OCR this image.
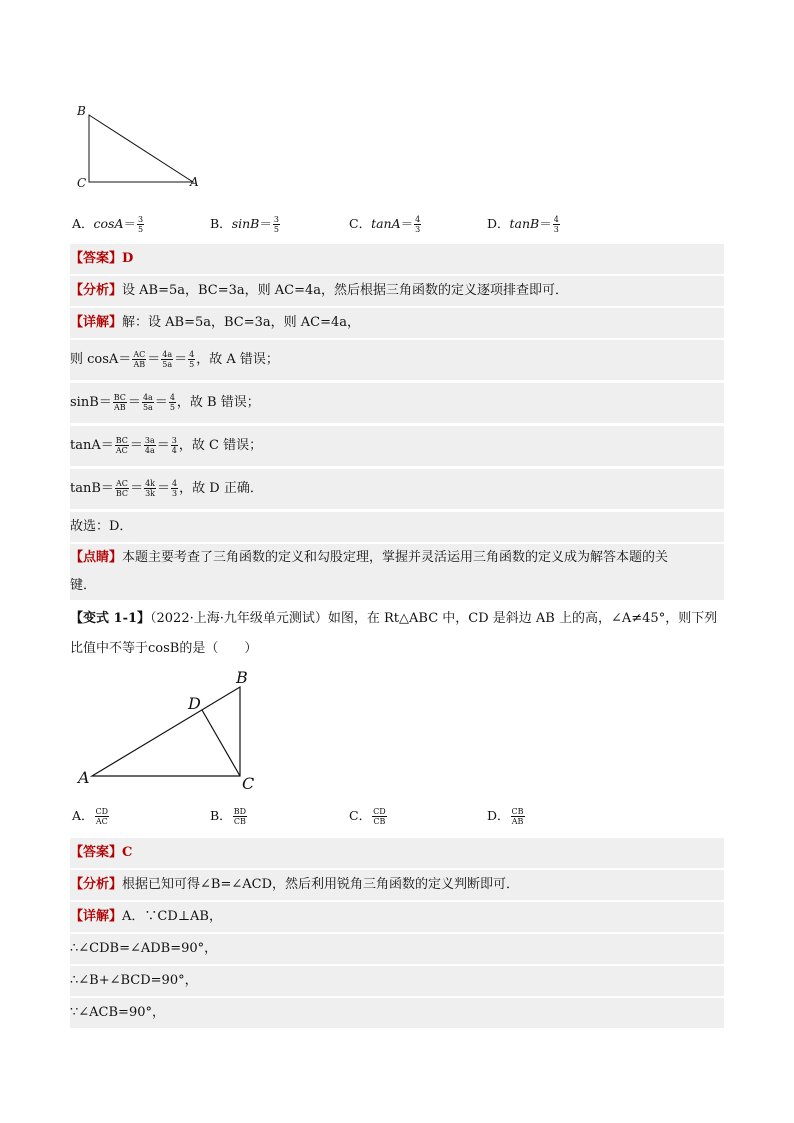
B
C	A
A．$\cos A= \frac{3}{5}$	B．$\sin B= \frac{3}{5}$	C．$\tan A= \frac{4}{3}$	D．$\tan B= \frac{4}{3}$
【答案】D
【分析】设 AB=5a，BC=3a，则 AC=4a，然后根据三角函数的定义逐项排查即可．
【详解】解：设 AB=5a，BC=3a，则 AC=4a，
则 $\cos A= \frac{AC}{AB} = \frac{4a}{5a} = \frac{4}{5}$ ，故 A 错误；
$\sin B= \frac{BC}{AB} = \frac{4a}{5a} = \frac{4}{5}$ ，故 B 错误；
$\tan A= \frac{BC}{AC} = \frac{3a}{4a} = \frac{3}{4}$ ，故 C 错误；
$\tan B= \frac{AC}{BC} = \frac{4k}{3k} = \frac{4}{3}$ ，故 D 正确．
故选：D．
【点睛】本题主要考查了三角函数的定义和勾股定理，掌握并灵活运用三角函数的定义成为解答本题的关
键．
【变式 1-1】（2022·上海·九年级单元测试）如图，在 Rt△ABC 中，CD 是斜边 AB 上的高，∠A≠45°，则下列
比值中不等于cosB的是（　　）
A
B
C
D
A． $\frac{CD}{AC}$	B． $\frac{BD}{CB}$	C． $\frac{CD}{CB}$	D． $\frac{CB}{AB}$
【答案】C
【分析】根据已知可得∠B=∠ACD，然后利用锐角三角函数的定义判断即可．
【详解】A．∵CD⊥AB，
∴∠CDB=∠ADB=90°，
∴∠B+∠BCD=90°，
∵∠ACB=90°，
